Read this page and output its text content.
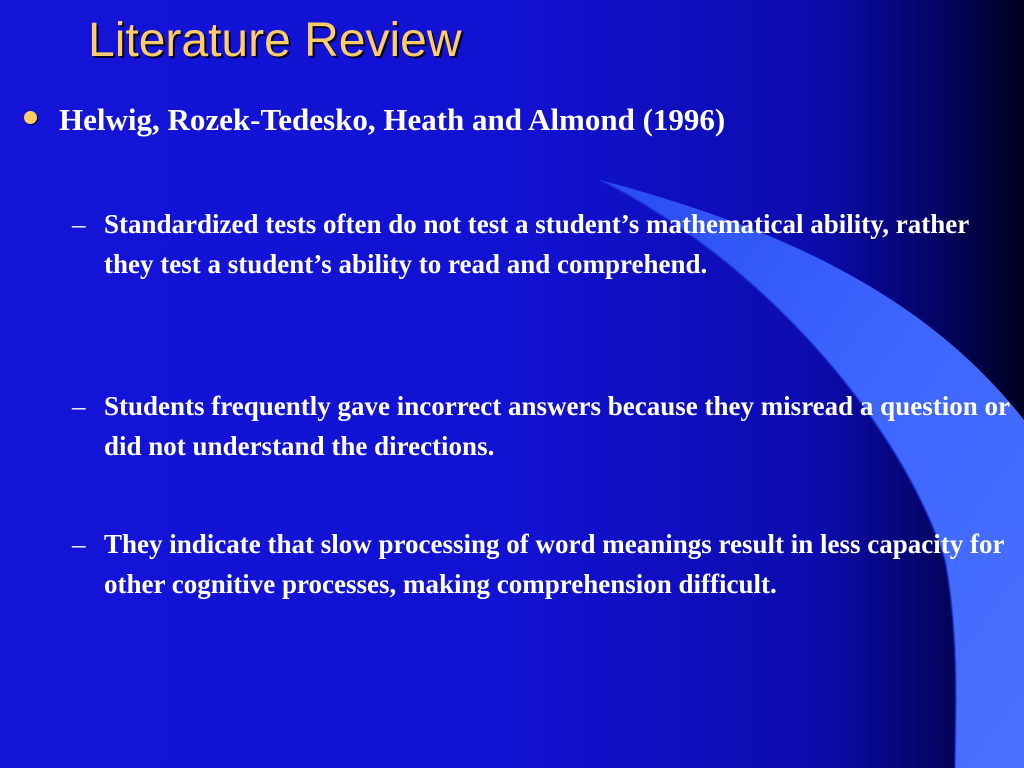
Literature Review
Helwig, Rozek-Tedesko, Heath and Almond (1996)
– Standardized tests often do not test a student’s mathematical ability, rather they test a student’s ability to read and comprehend.
– Students frequently gave incorrect answers because they misread a question or did not understand the directions.
– They indicate that slow processing of word meanings result in less capacity for other cognitive processes, making comprehension difficult.
